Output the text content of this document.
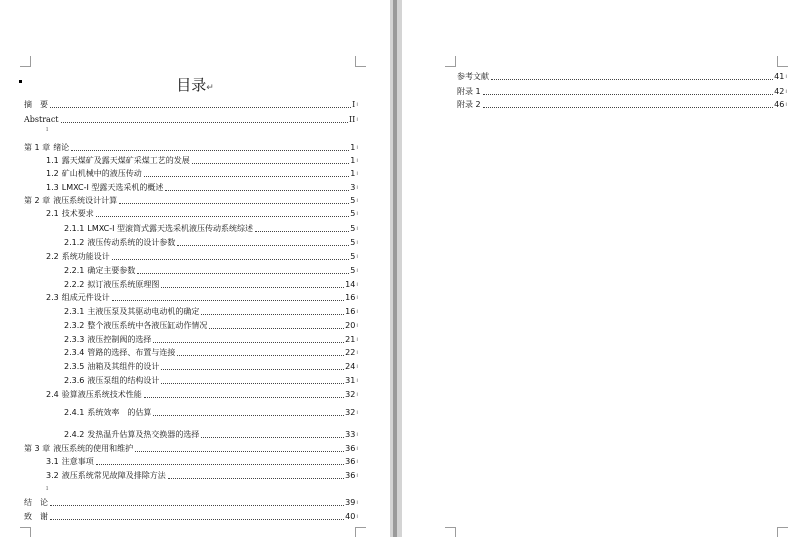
目录↵
ı
ı
摘　要	I ı
Abstract	II ı
第 1 章 绪论	1 ı
1.1 露天煤矿及露天煤矿采煤工艺的发展	1 ı
1.2 矿山机械中的液压传动	1 ı
1.3 LMXC-I 型露天选采机的概述	3 ı
第 2 章 液压系统设计计算	5 ı
2.1 技术要求	5 ı
2.1.1 LMXC-I 型滚筒式露天选采机液压传动系统综述	5 ı
2.1.2 液压传动系统的设计参数	5 ı
2.2 系统功能设计	5 ı
2.2.1 确定主要参数	5 ı
2.2.2 拟订液压系统原理图	14 ı
2.3 组成元件设计	16 ı
2.3.1 主液压泵及其驱动电动机的确定	16 ı
2.3.2 整个液压系统中各液压缸动作情况	20 ı
2.3.3 液压控制阀的选择	21 ı
2.3.4 管路的选择、布置与连接	22 ı
2.3.5 油箱及其组件的设计	24 ı
2.3.6 液压泵组的结构设计	31 ı
2.4 验算液压系统技术性能	32 ı
2.4.1 系统效率　的估算	32 ı
2.4.2 发热温升估算及热交换器的选择	33 ı
第 3 章 液压系统的使用和维护	36 ı
3.1 注意事项	36 ı
3.2 液压系统常见故障及排除方法	36 ı
结　论	39 ı
致　谢	40 ı
参考文献	41 ı
附录 1	42 ı
附录 2	46 ı
